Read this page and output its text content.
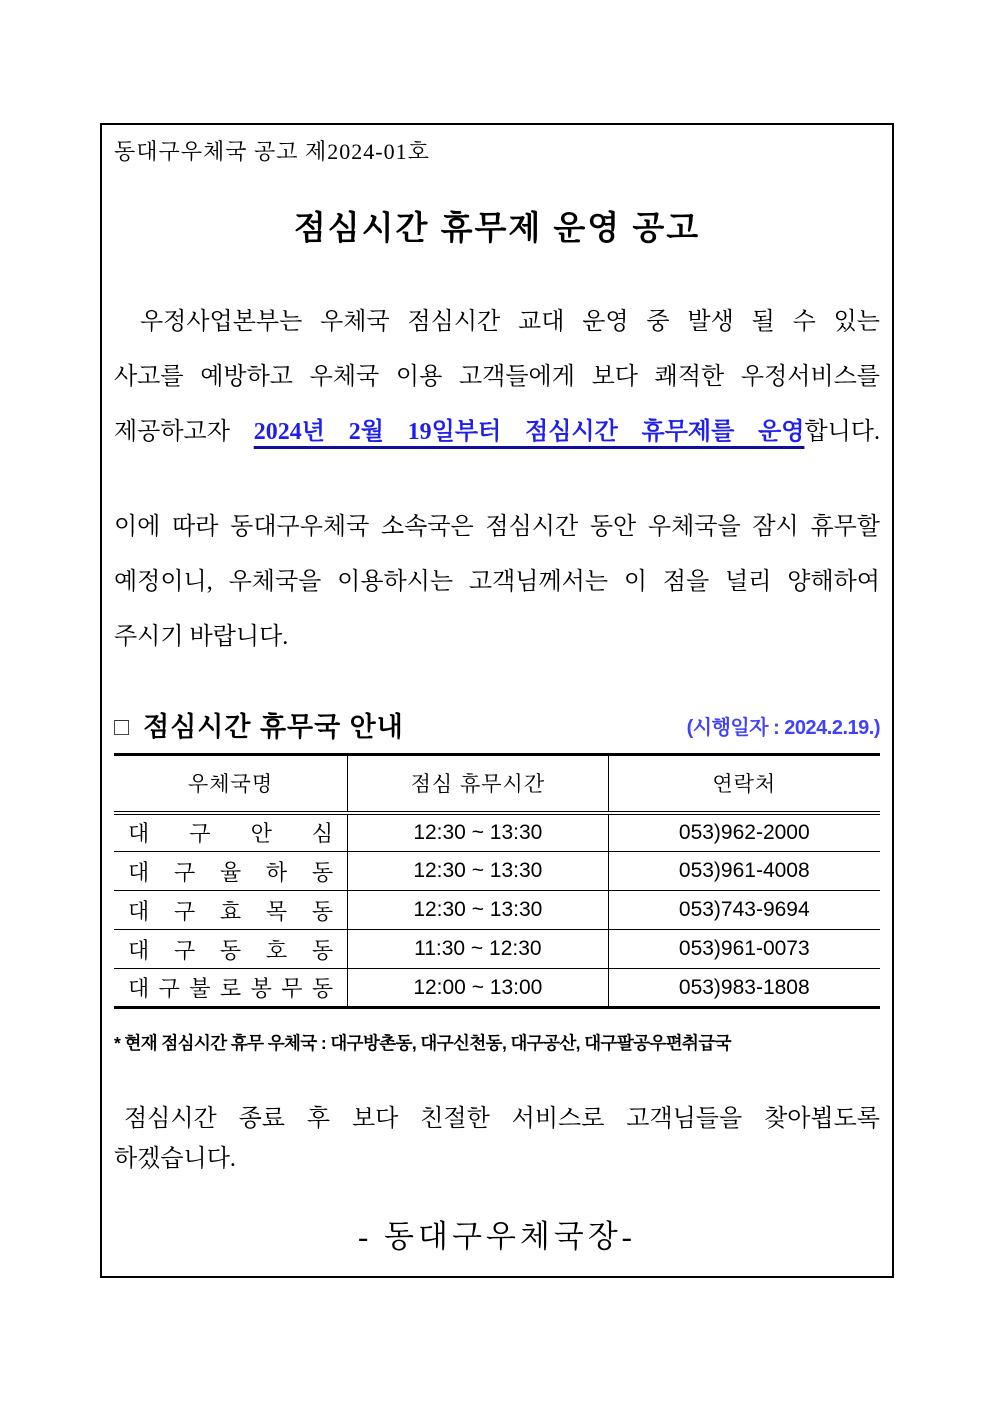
동대구우체국 공고 제2024-01호
점심시간 휴무제 운영 공고
우정사업본부는 우체국 점심시간 교대 운영 중 발생 될 수 있는
사고를 예방하고 우체국 이용 고객들에게 보다 쾌적한 우정서비스를
제공하고자 2024년 2월 19일부터 점심시간 휴무제를 운영합니다.
이에 따라 동대구우체국 소속국은 점심시간 동안 우체국을 잠시 휴무할
예정이니, 우체국을 이용하시는 고객님께서는 이 점을 널리 양해하여
주시기 바랍니다.
□ 점심시간 휴무국 안내	(시행일자 : 2024.2.19.)
우체국명	점심 휴무시간	연락처
대 구 안 심	12:30 ~ 13:30	053)962-2000
대 구 율 하 동	12:30 ~ 13:30	053)961-4008
대 구 효 목 동	12:30 ~ 13:30	053)743-9694
대 구 동 호 동	11:30 ~ 12:30	053)961-0073
대 구 불 로 봉 무 동	12:00 ~ 13:00	053)983-1808
* 현재 점심시간 휴무 우체국 : 대구방촌동, 대구신천동, 대구공산, 대구팔공우편취급국
점심시간 종료 후 보다 친절한 서비스로 고객님들을 찾아뵙도록
하겠습니다.
- 동대구우체국장-
